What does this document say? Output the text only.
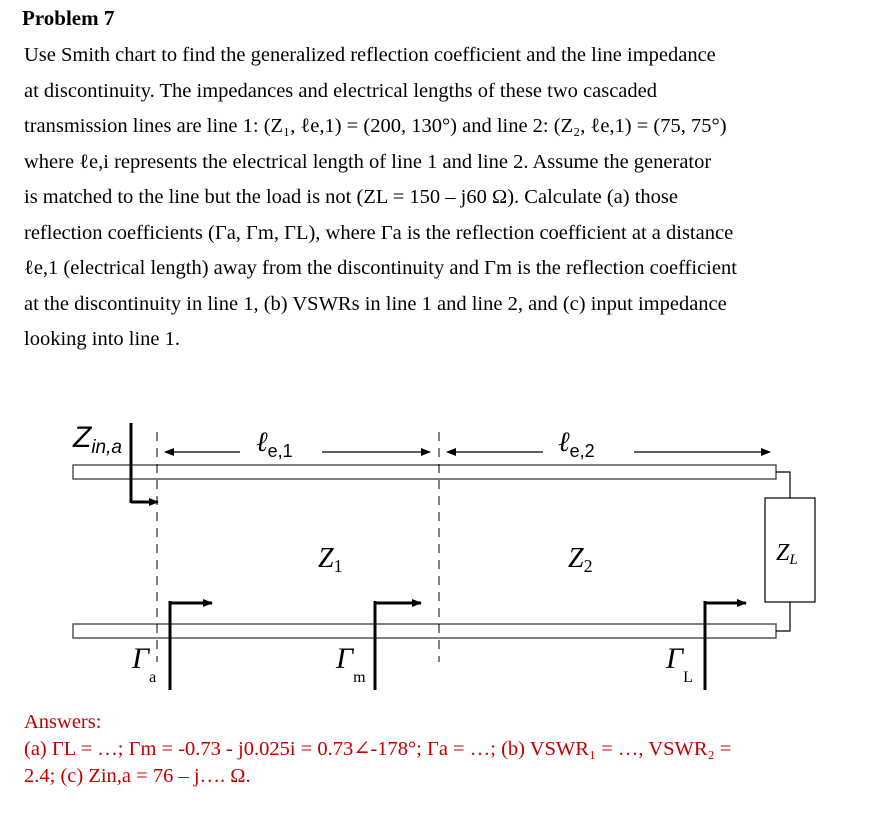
Problem 7
Use Smith chart to find the generalized reflection coefficient and the line impedance
at discontinuity. The impedances and electrical lengths of these two cascaded
transmission lines are line 1: (Z₁, ℓe,1) = (200, 130°) and line 2: (Z₂, ℓe,1) = (75, 75°)
where ℓe,i represents the electrical length of line 1 and line 2. Assume the generator
is matched to the line but the load is not (ZL = 150 – j60 Ω). Calculate (a) those
reflection coefficients (Γa, Γm, ΓL), where Γa is the reflection coefficient at a distance
ℓe,1 (electrical length) away from the discontinuity and Γm is the reflection coefficient
at the discontinuity in line 1, (b) VSWRs in line 1 and line 2, and (c) input impedance
looking into line 1.
ZL
ℓ$_{e,1}$	ℓ$_{e,2}$
$Z_{in,a}$
Z1	Z2
$\Gamma_a$
$\Gamma_m$
$\Gamma_L$
Answers:
(a) ΓL = …; Γm = -0.73 - j0.025i = 0.73∠-178°; Γa = …; (b) VSWR₁ = …, VSWR₂ =
2.4; (c) Zin,a = 76 – j…. Ω.
